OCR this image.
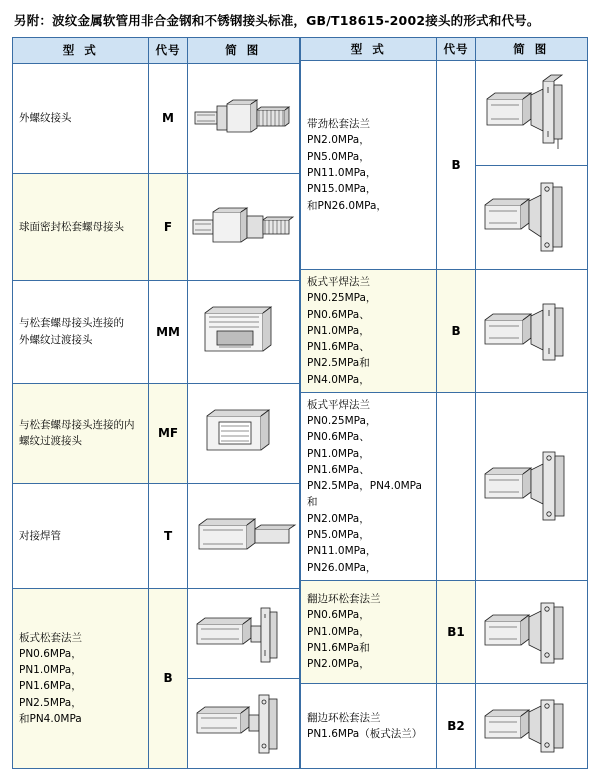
另附：波纹金属软管用非合金钢和不锈钢接头标准，GB/T18615-2002接头的形式和代号。
型 式	代号	简 图

外螺纹接头	M	

球面密封松套螺母接头	F	

与松套螺母接头连接的
外螺纹过渡接头	MM	

与松套螺母接头连接的内
螺纹过渡接头	MF	

对接焊管	T	

板式松套法兰
PN0.6MPa，PN1.0MPa，
PN1.6MPa，PN2.5MPa，
和PN4.0MPa	B	

型 式	代号	简 图

带劲松套法兰
PN2.0MPa，PN5.0MPa，
PN11.0MPa，PN15.0MPa，
和PN26.0MPa，	B	

板式平焊法兰
PN0.25MPa，PN0.6MPa、
PN1.0MPa，PN1.6MPa、
PN2.5MPa和PN4.0MPa，	B	

板式平焊法兰
PN0.25MPa，PN0.6MPa、
PN1.0MPa，PN1.6MPa、
PN2.5MPa，PN4.0MPa 和
PN2.0MPa，PN5.0MPa，
PN11.0MPa，PN26.0MPa，

翻边环松套法兰
PN0.6MPa，PN1.0MPa，
PN1.6MPa和PN2.0MPa，	B1	

翻边环松套法兰
PN1.6MPa（板式法兰）	B2	
